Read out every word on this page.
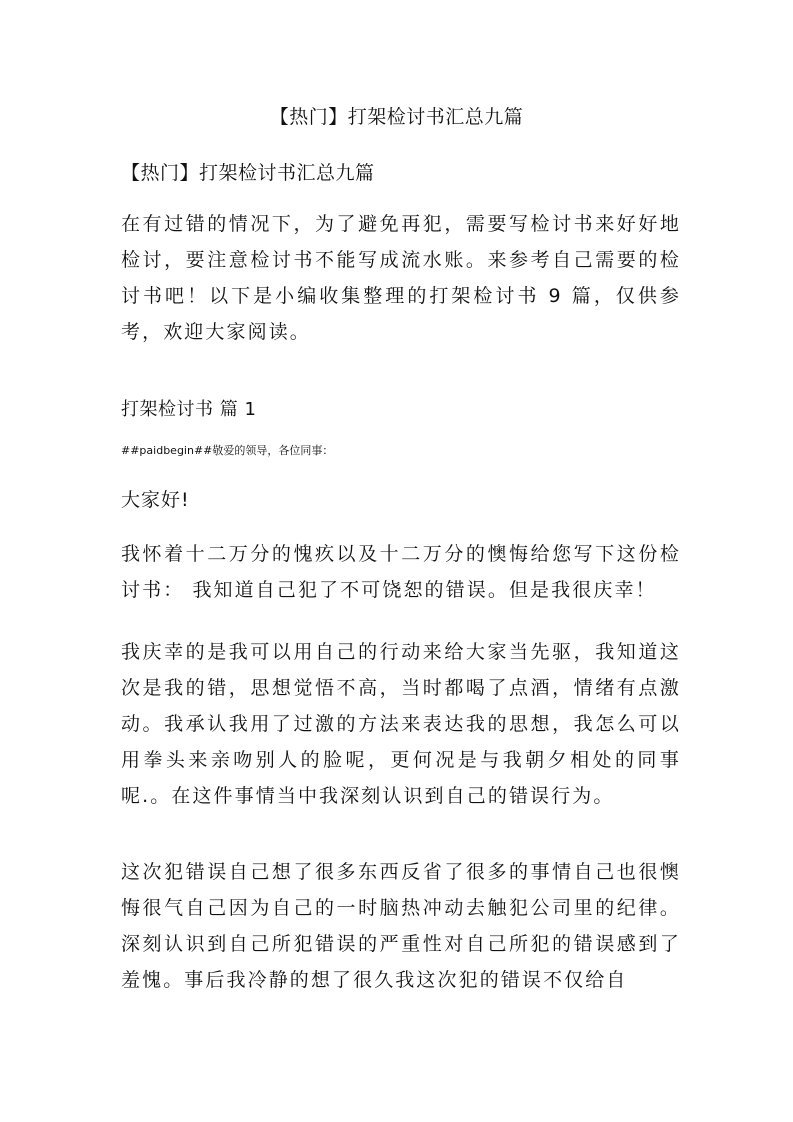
【热门】打架检讨书汇总九篇
【热门】打架检讨书汇总九篇
在有过错的情况下，为了避免再犯，需要写检讨书来好好地检讨，要注意检讨书不能写成流水账。来参考自己需要的检讨书吧！以下是小编收集整理的打架检讨书 9 篇，仅供参考，欢迎大家阅读。
打架检讨书 篇 1
##paidbegin##敬爱的领导，各位同事：
大家好!
我怀着十二万分的愧疚以及十二万分的懊悔给您写下这份检讨书： 我知道自己犯了不可饶恕的错误。但是我很庆幸！
我庆幸的是我可以用自己的行动来给大家当先驱，我知道这次是我的错，思想觉悟不高，当时都喝了点酒，情绪有点激动。我承认我用了过激的方法来表达我的思想，我怎么可以用拳头来亲吻别人的脸呢，更何况是与我朝夕相处的同事呢.。在这件事情当中我深刻认识到自己的错误行为。
这次犯错误自己想了很多东西反省了很多的事情自己也很懊悔很气自己因为自己的一时脑热冲动去触犯公司里的纪律。深刻认识到自己所犯错误的严重性对自己所犯的错误感到了羞愧。事后我冷静的想了很久我这次犯的错误不仅给自
